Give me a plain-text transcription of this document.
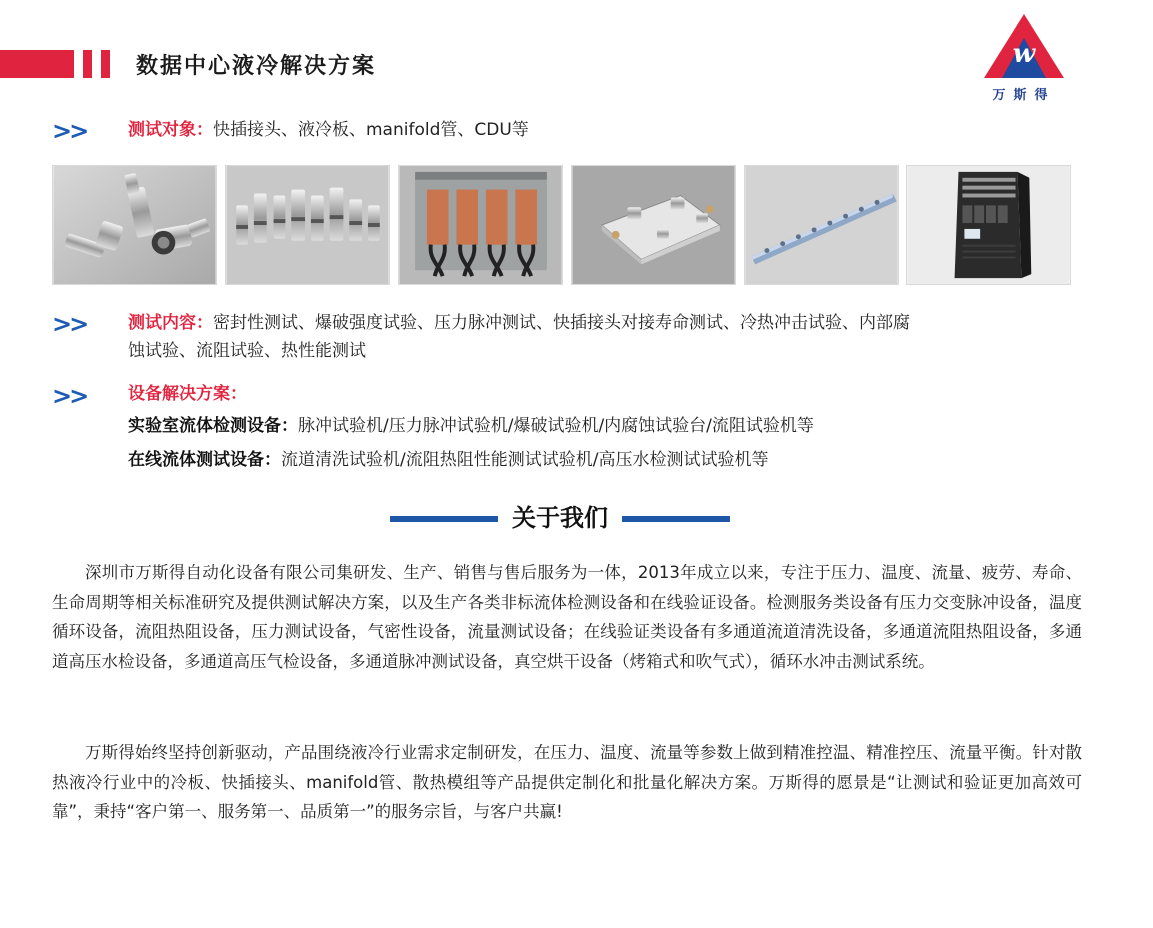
数据中心液冷解决方案	w
万斯得
>>	测试对象：快插接头、液冷板、manifold管、CDU等
>>	测试内容：密封性测试、爆破强度试验、压力脉冲测试、快插接头对接寿命测试、冷热冲击试验、内部腐
蚀试验、流阻试验、热性能测试
>>	设备解决方案：
实验室流体检测设备：脉冲试验机/压力脉冲试验机/爆破试验机/内腐蚀试验台/流阻试验机等
在线流体测试设备：流道清洗试验机/流阻热阻性能测试试验机/高压水检测试试验机等
关于我们

深圳市万斯得自动化设备有限公司集研发、生产、销售与售后服务为一体，2013年成立以来，专注于压力、温度、流量、疲劳、寿命、生命周期等相关标准研究及提供测试解决方案，以及生产各类非标流体检测设备和在线验证设备。检测服务类设备有压力交变脉冲设备，温度循环设备，流阻热阻设备，压力测试设备，气密性设备，流量测试设备；在线验证类设备有多通道流道清洗设备，多通道流阻热阻设备，多通道高压水检设备，多通道高压气检设备，多通道脉冲测试设备，真空烘干设备（烤箱式和吹气式），循环水冲击测试系统。

万斯得始终坚持创新驱动，产品围绕液冷行业需求定制研发，在压力、温度、流量等参数上做到精准控温、精准控压、流量平衡。针对散热液冷行业中的冷板、快插接头、manifold管、散热模组等产品提供定制化和批量化解决方案。万斯得的愿景是“让测试和验证更加高效可靠”，秉持“客户第一、服务第一、品质第一”的服务宗旨，与客户共赢!
